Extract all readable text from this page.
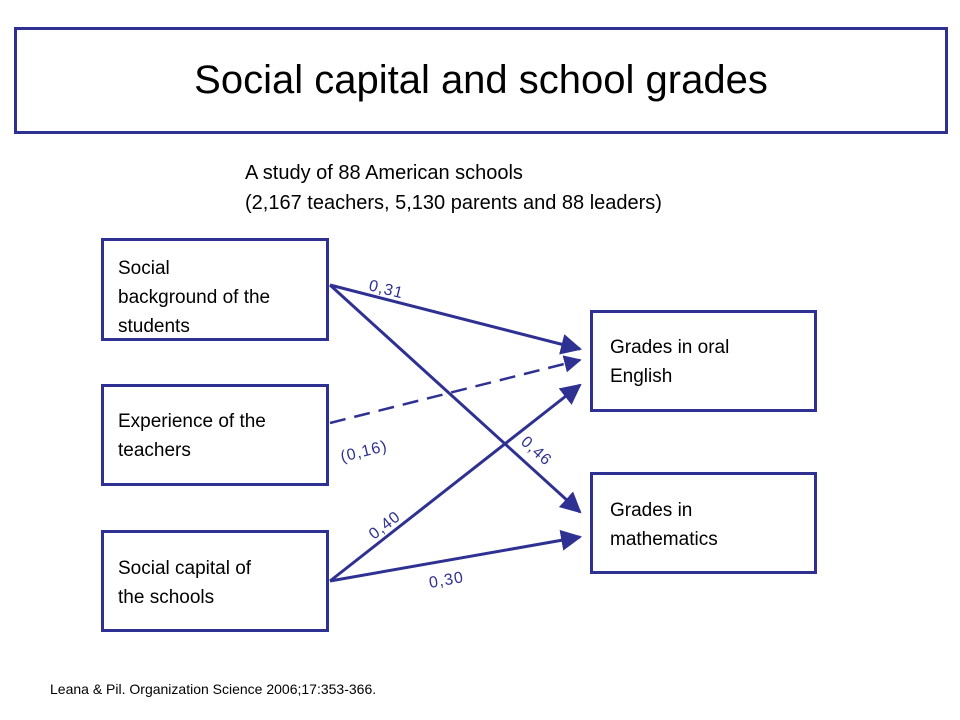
Social capital and school grades
A study of 88 American schools
(2,167 teachers, 5,130 parents and 88 leaders)
0,31
0,46
(0,16)
0,40
0,30
Social
background of the
students
Experience of the
teachers
Social capital of
the schools
Grades in oral
English
Grades in
mathematics
Leana & Pil. Organization Science 2006;17:353-366.
